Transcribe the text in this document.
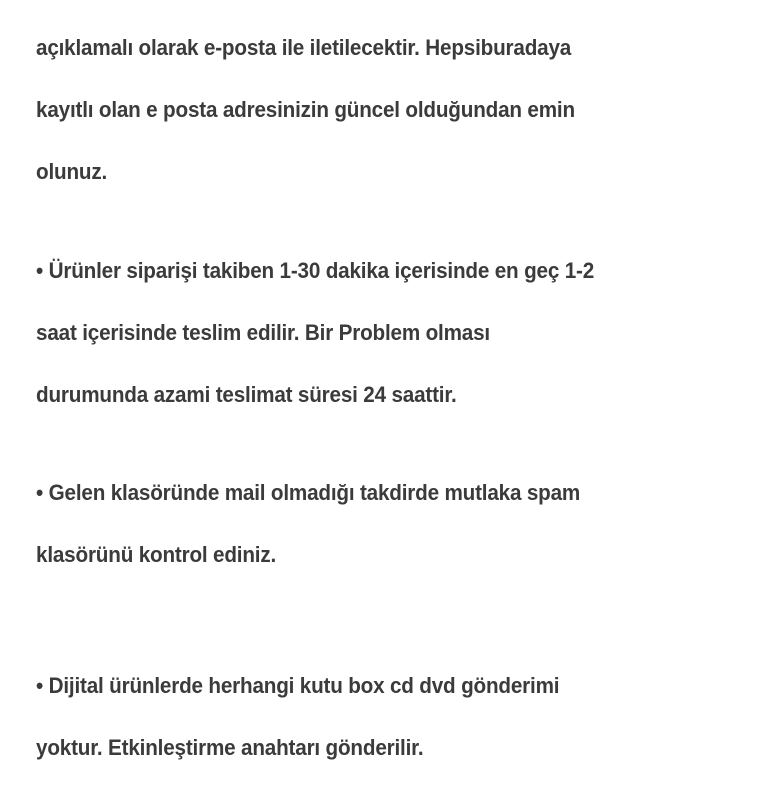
açıklamalı olarak e-posta ile iletilecektir. Hepsiburadaya

kayıtlı olan e posta adresinizin güncel olduğundan emin

olunuz.

• Ürünler siparişi takiben 1-30 dakika içerisinde en geç 1-2

saat içerisinde teslim edilir. Bir Problem olması

durumunda azami teslimat süresi 24 saattir.

• Gelen klasöründe mail olmadığı takdirde mutlaka spam

klasörünü kontrol ediniz.

• Dijital ürünlerde herhangi kutu box cd dvd gönderimi

yoktur. Etkinleştirme anahtarı gönderilir.
